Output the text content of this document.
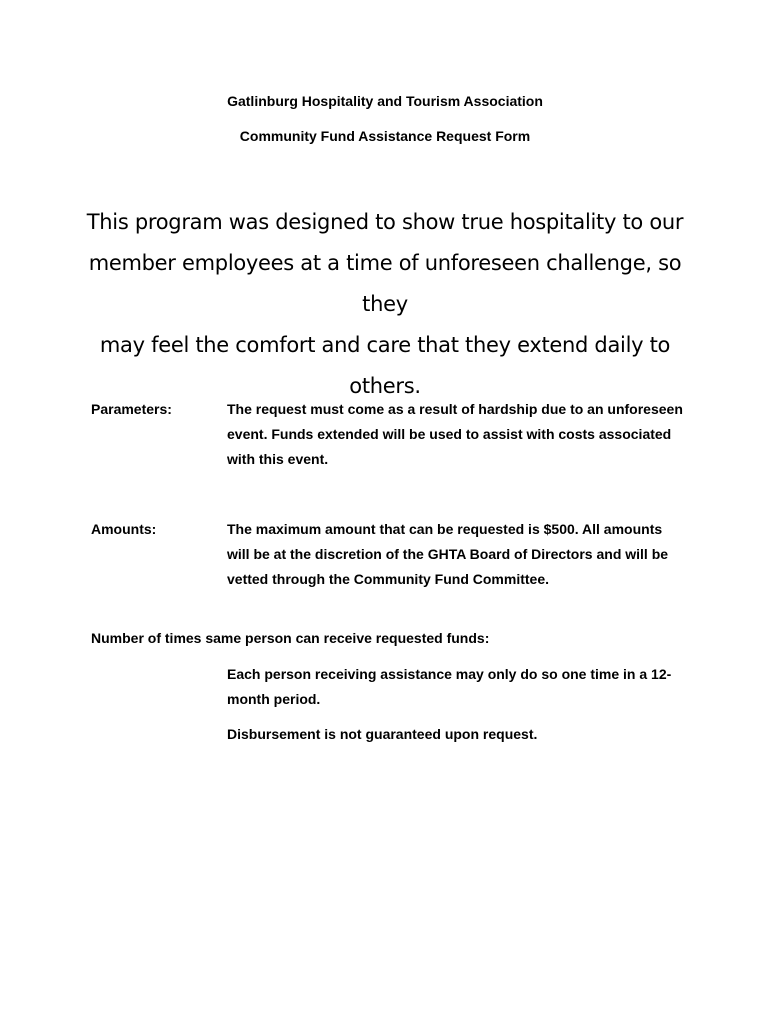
Gatlinburg Hospitality and Tourism Association
Community Fund Assistance Request Form
This program was designed to show true hospitality to our
member employees at a time of unforeseen challenge, so they
may feel the comfort and care that they extend daily to others.
Parameters:	The request must come as a result of hardship due to an unforeseen event. Funds extended will be used to assist with costs associated with this event.
Amounts:	The maximum amount that can be requested is $500. All amounts will be at the discretion of the GHTA Board of Directors and will be vetted through the Community Fund Committee.
Number of times same person can receive requested funds:
Each person receiving assistance may only do so one time in a 12-month period.
Disbursement is not guaranteed upon request.
